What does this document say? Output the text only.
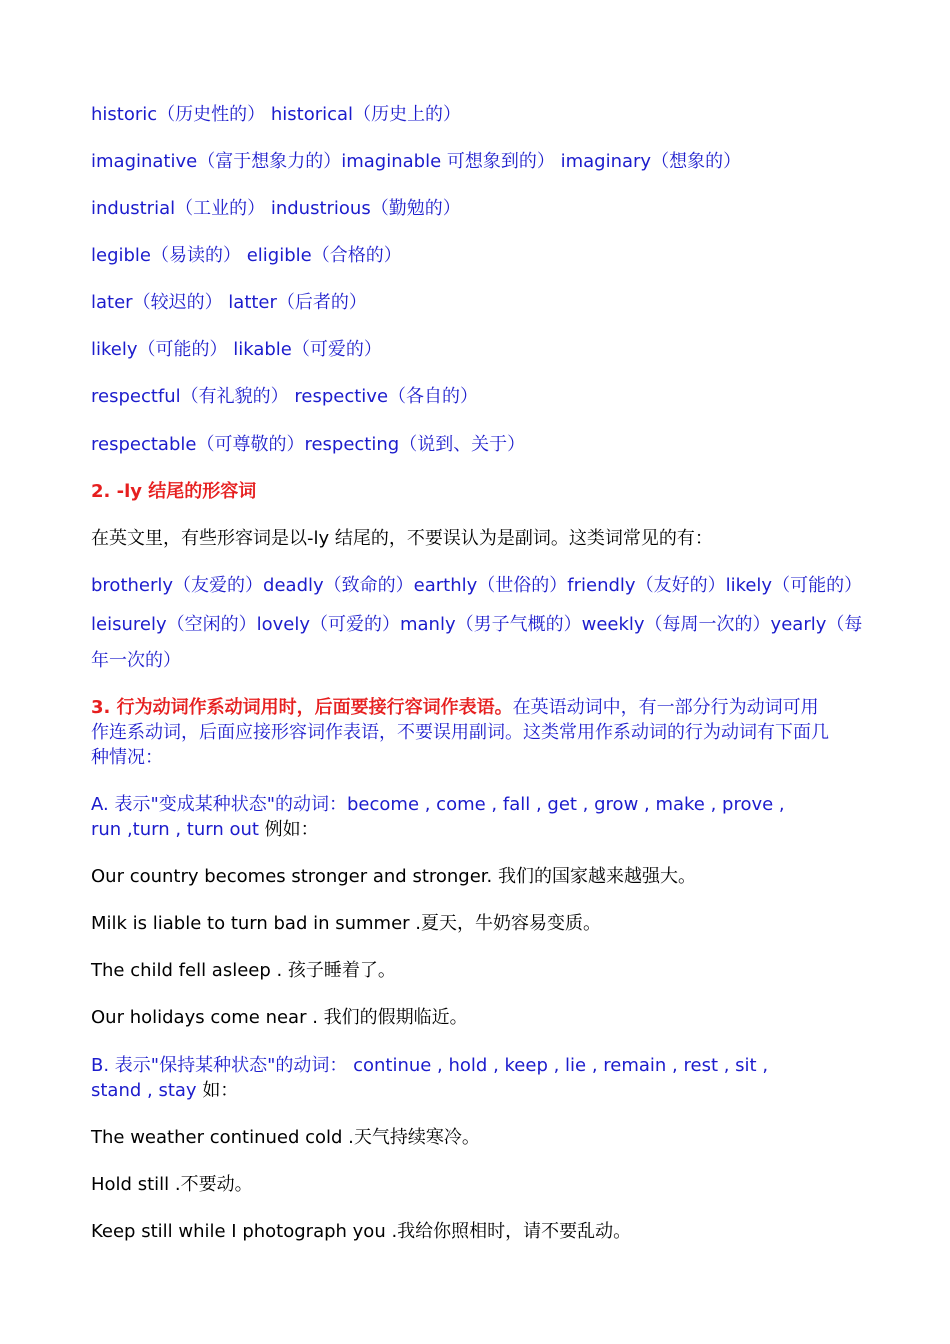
historic（历史性的） historical（历史上的）
imaginative（富于想象力的）imaginable 可想象到的） imaginary（想象的）
industrial（工业的） industrious（勤勉的）
legible（易读的） eligible（合格的）
later（较迟的） latter（后者的）
likely（可能的） likable（可爱的）
respectful（有礼貌的） respective（各自的）
respectable（可尊敬的）respecting（说到、关于）
2. -ly 结尾的形容词
在英文里，有些形容词是以-ly 结尾的，不要误认为是副词。这类词常见的有：
brotherly（友爱的）deadly（致命的）earthly（世俗的）friendly（友好的）likely（可能的）
leisurely（空闲的）lovely（可爱的）manly（男子气概的）weekly（每周一次的）yearly（每
年一次的）
3. 行为动词作系动词用时，后面要接行容词作表语。在英语动词中，有一部分行为动词可用
作连系动词，后面应接形容词作表语，不要误用副词。这类常用作系动词的行为动词有下面几
种情况：
A. 表示"变成某种状态"的动词：become , come , fall , get , grow , make , prove ,
run ,turn , turn out 例如：
Our country becomes stronger and stronger. 我们的国家越来越强大。
Milk is liable to turn bad in summer .夏天，牛奶容易变质。
The child fell asleep . 孩子睡着了。
Our holidays come near . 我们的假期临近。
B. 表示"保持某种状态"的动词： continue , hold , keep , lie , remain , rest , sit ,
stand , stay 如：
The weather continued cold .天气持续寒冷。
Hold still .不要动。
Keep still while I photograph you .我给你照相时，请不要乱动。
